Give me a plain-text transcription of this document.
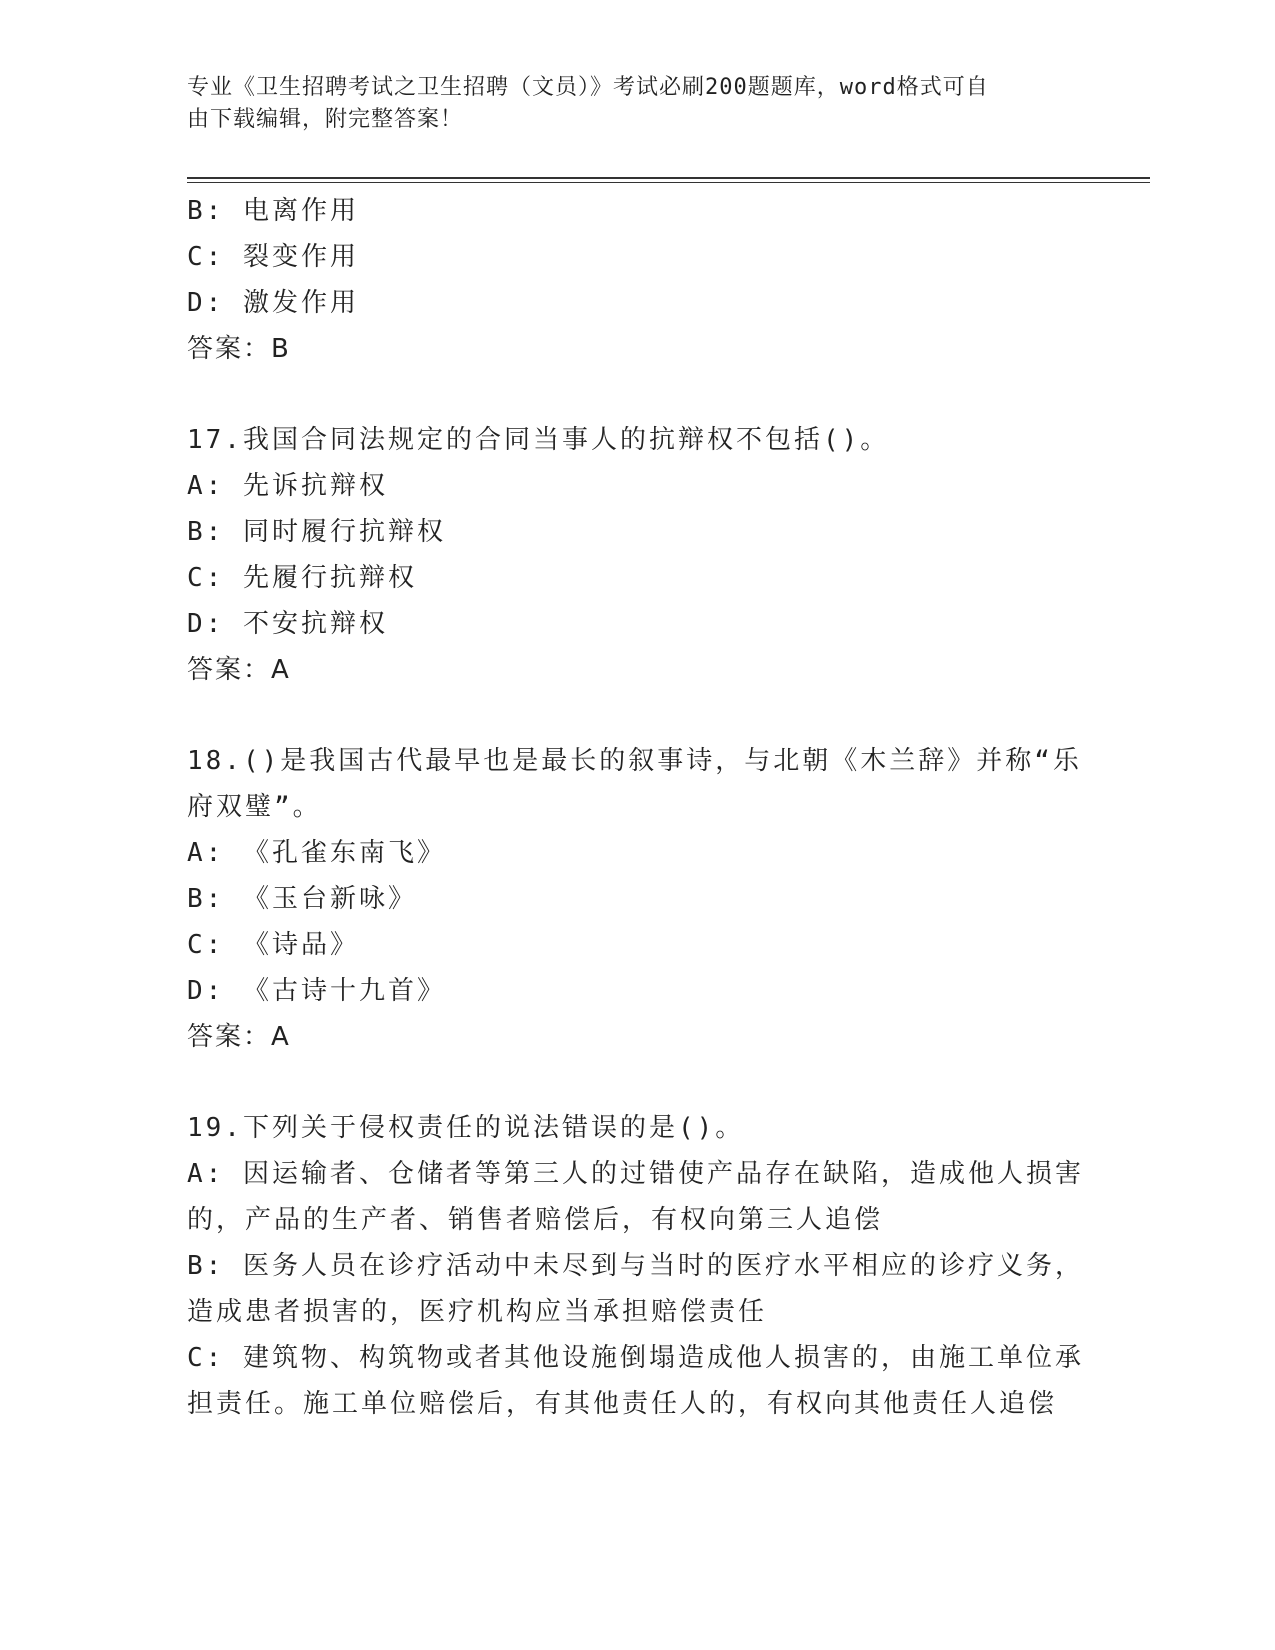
专业《卫生招聘考试之卫生招聘（文员）》考试必刷200题题库，word格式可自
由下载编辑，附完整答案！
B: 电离作用
C: 裂变作用
D: 激发作用
答案：B
17.我国合同法规定的合同当事人的抗辩权不包括()。
A: 先诉抗辩权
B: 同时履行抗辩权
C: 先履行抗辩权
D: 不安抗辩权
答案：A
18.()是我国古代最早也是最长的叙事诗，与北朝《木兰辞》并称“乐
府双璧”。
A: 《孔雀东南飞》
B: 《玉台新咏》
C: 《诗品》
D: 《古诗十九首》
答案：A
19.下列关于侵权责任的说法错误的是()。
A: 因运输者、仓储者等第三人的过错使产品存在缺陷，造成他人损害
的，产品的生产者、销售者赔偿后，有权向第三人追偿
B: 医务人员在诊疗活动中未尽到与当时的医疗水平相应的诊疗义务，
造成患者损害的，医疗机构应当承担赔偿责任
C: 建筑物、构筑物或者其他设施倒塌造成他人损害的，由施工单位承
担责任。施工单位赔偿后，有其他责任人的，有权向其他责任人追偿
